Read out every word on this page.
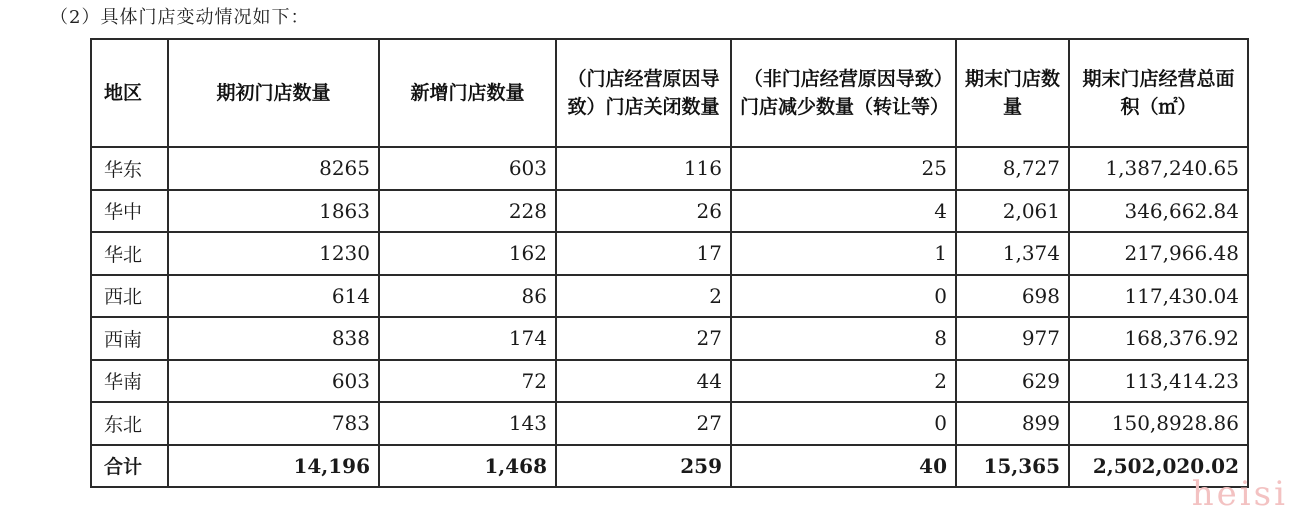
（2）具体门店变动情况如下：
地区	期初门店数量	新增门店数量	（门店经营原因导致）门店关闭数量	（非门店经营原因导致）门店减少数量（转让等）	期末门店数量	期末门店经营总面积（㎡）
华东	8265	603	116	25	8,727	1,387,240.65
华中	1863	228	26	4	2,061	346,662.84
华北	1230	162	17	1	1,374	217,966.48
西北	614	86	2	0	698	117,430.04
西南	838	174	27	8	977	168,376.92
华南	603	72	44	2	629	113,414.23
东北	783	143	27	0	899	150,8928.86
合计	14,196	1,468	259	40	15,365	2,502,020.02
heisi
